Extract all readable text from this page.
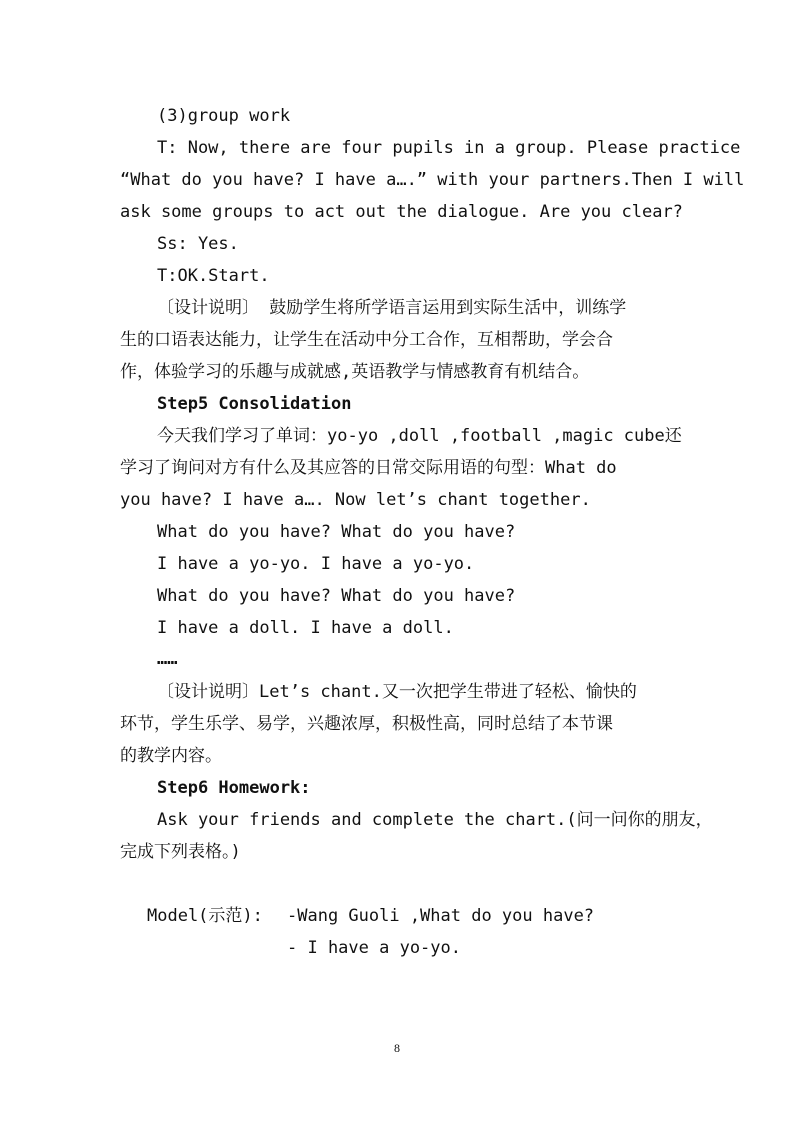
(3)group work
T: Now, there are four pupils in a group. Please practice
“What do you have? I have a….” with your partners.Then I will
ask some groups to act out the dialogue. Are you clear?
Ss: Yes.
T:OK.Start.
〔设计说明〕 鼓励学生将所学语言运用到实际生活中，训练学
生的口语表达能力，让学生在活动中分工合作，互相帮助，学会合
作，体验学习的乐趣与成就感,英语教学与情感教育有机结合。
Step5 Consolidation
今天我们学习了单词：yo-yo ,doll ,football ,magic cube还
学习了询问对方有什么及其应答的日常交际用语的句型：What do
you have? I have a…. Now let’s chant together.
What do you have? What do you have?
I have a yo-yo. I have a yo-yo.
What do you have? What do you have?
I have a doll. I have a doll.
……
〔设计说明〕Let’s chant.又一次把学生带进了轻松、愉快的
环节，学生乐学、易学，兴趣浓厚，积极性高，同时总结了本节课
的教学内容。
Step6 Homework:
Ask your friends and complete the chart.(问一问你的朋友，
完成下列表格。)
Model(示范): -Wang Guoli ,What do you have?
- I have a yo-yo.
8
